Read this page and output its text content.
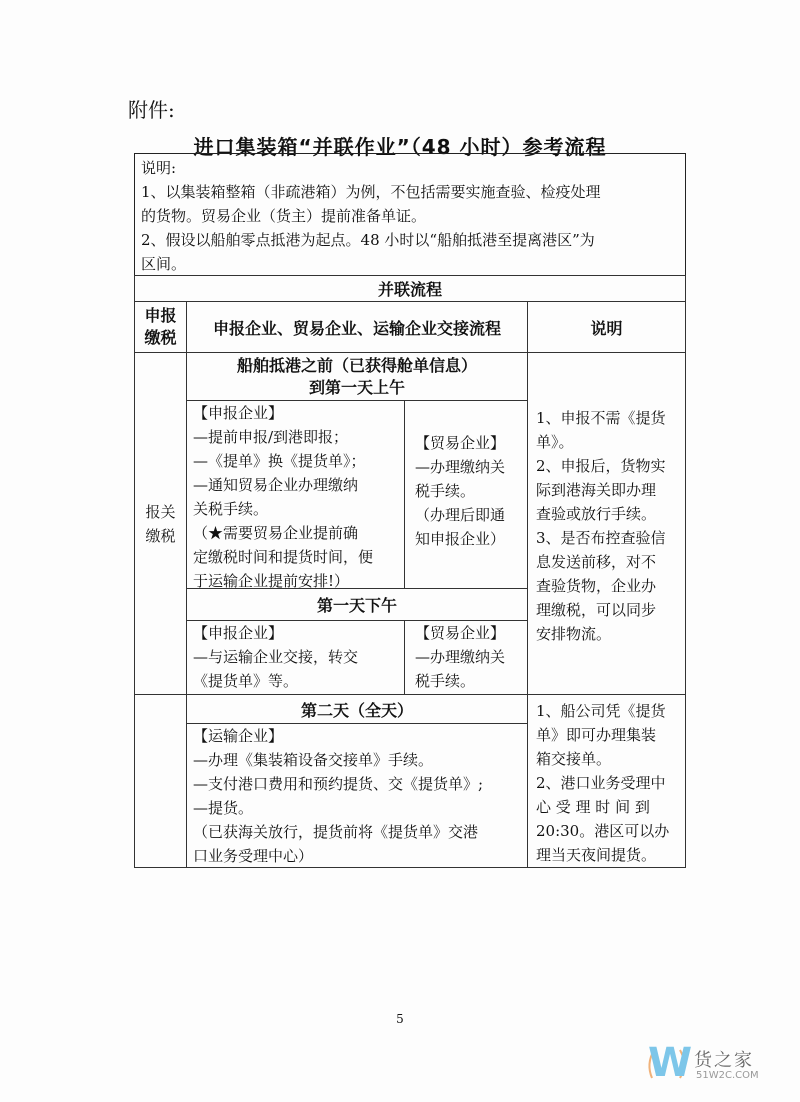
附件:
进口集装箱“并联作业”（48 小时）参考流程
说明:
1、以集装箱整箱（非疏港箱）为例，不包括需要实施查验、检疫处理
的货物。贸易企业（货主）提前准备单证。
2、假设以船舶零点抵港为起点。48 小时以“船舶抵港至提离港区”为
区间。
并联流程
申报
缴税	申报企业、贸易企业、运输企业交接流程	说明
报关
缴税
船舶抵港之前（已获得舱单信息）
到第一天上午
【申报企业】
—提前申报/到港即报；
—《提单》换《提货单》；
—通知贸易企业办理缴纳
关税手续。
（★需要贸易企业提前确
定缴税时间和提货时间，便
于运输企业提前安排!）
【贸易企业】
—办理缴纳关
税手续。
（办理后即通
知申报企业）
第一天下午
【申报企业】
—与运输企业交接，转交
《提货单》等。
【贸易企业】
—办理缴纳关
税手续。
1、申报不需《提货
单》。
2、申报后，货物实
际到港海关即办理
查验或放行手续。
3、是否布控查验信
息发送前移，对不
查验货物，企业办
理缴税，可以同步
安排物流。
第二天（全天）
【运输企业】
—办理《集装箱设备交接单》手续。
—支付港口费用和预约提货、交《提货单》;
—提货。
（已获海关放行，提货前将《提货单》交港
口业务受理中心）
1、船公司凭《提货
单》即可办理集装
箱交接单。
2、港口业务受理中
心 受 理 时 间 到
20:30。港区可以办
理当天夜间提货。
5
W 货之家
51W2C.COM
